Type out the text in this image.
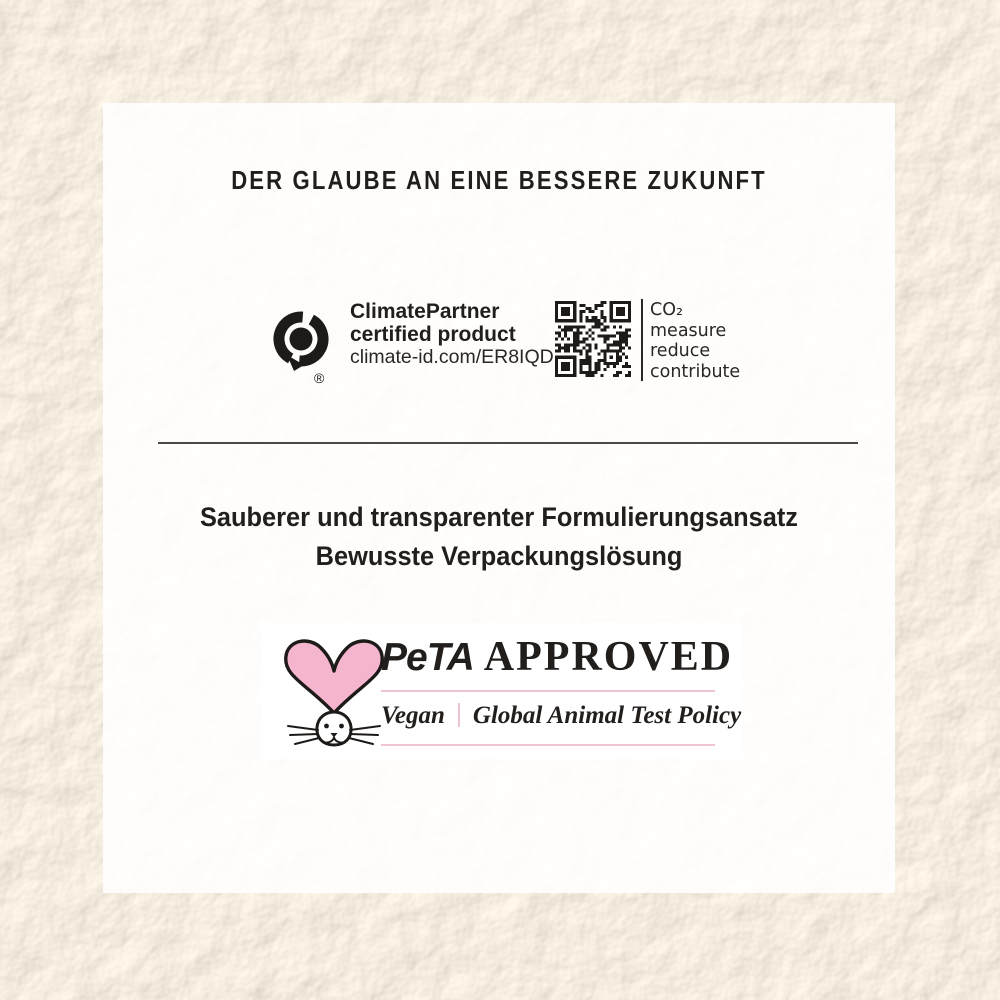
DER GLAUBE AN EINE BESSERE ZUKUNFT
®
ClimatePartner
certified product
climate-id.com/ER8IQD
CO₂
measure
reduce
contribute
Sauberer und transparenter Formulierungsansatz
Bewusste Verpackungslösung
PeTA APPROVED
Vegan Global Animal Test Policy
